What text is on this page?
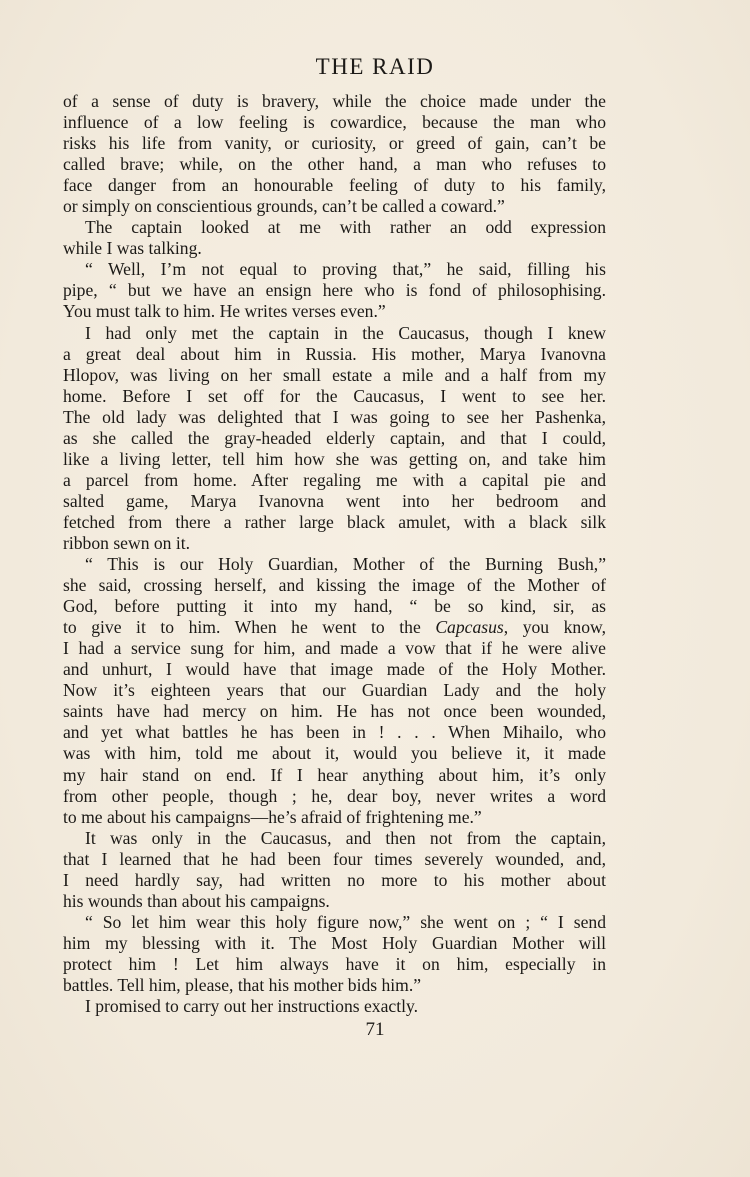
THE RAID
of a sense of duty is bravery, while the choice made under the
influence of a low feeling is cowardice, because the man who
risks his life from vanity, or curiosity, or greed of gain, can’t be
called brave; while, on the other hand, a man who refuses to
face danger from an honourable feeling of duty to his family,
or simply on conscientious grounds, can’t be called a coward.”
The captain looked at me with rather an odd expression
while I was talking.
“ Well, I’m not equal to proving that,” he said, filling his
pipe, “ but we have an ensign here who is fond of philosophising.
You must talk to him. He writes verses even.”
I had only met the captain in the Caucasus, though I knew
a great deal about him in Russia. His mother, Marya Ivanovna
Hlopov, was living on her small estate a mile and a half from my
home. Before I set off for the Caucasus, I went to see her.
The old lady was delighted that I was going to see her Pashenka,
as she called the gray-headed elderly captain, and that I could,
like a living letter, tell him how she was getting on, and take him
a parcel from home. After regaling me with a capital pie and
salted game, Marya Ivanovna went into her bedroom and
fetched from there a rather large black amulet, with a black silk
ribbon sewn on it.
“ This is our Holy Guardian, Mother of the Burning Bush,”
she said, crossing herself, and kissing the image of the Mother of
God, before putting it into my hand, “ be so kind, sir, as
to give it to him. When he went to the Capcasus, you know,
I had a service sung for him, and made a vow that if he were alive
and unhurt, I would have that image made of the Holy Mother.
Now it’s eighteen years that our Guardian Lady and the holy
saints have had mercy on him. He has not once been wounded,
and yet what battles he has been in ! . . . When Mihailo, who
was with him, told me about it, would you believe it, it made
my hair stand on end. If I hear anything about him, it’s only
from other people, though ; he, dear boy, never writes a word
to me about his campaigns—he’s afraid of frightening me.”
It was only in the Caucasus, and then not from the captain,
that I learned that he had been four times severely wounded, and,
I need hardly say, had written no more to his mother about
his wounds than about his campaigns.
“ So let him wear this holy figure now,” she went on ; “ I send
him my blessing with it. The Most Holy Guardian Mother will
protect him ! Let him always have it on him, especially in
battles. Tell him, please, that his mother bids him.”
I promised to carry out her instructions exactly.
71
